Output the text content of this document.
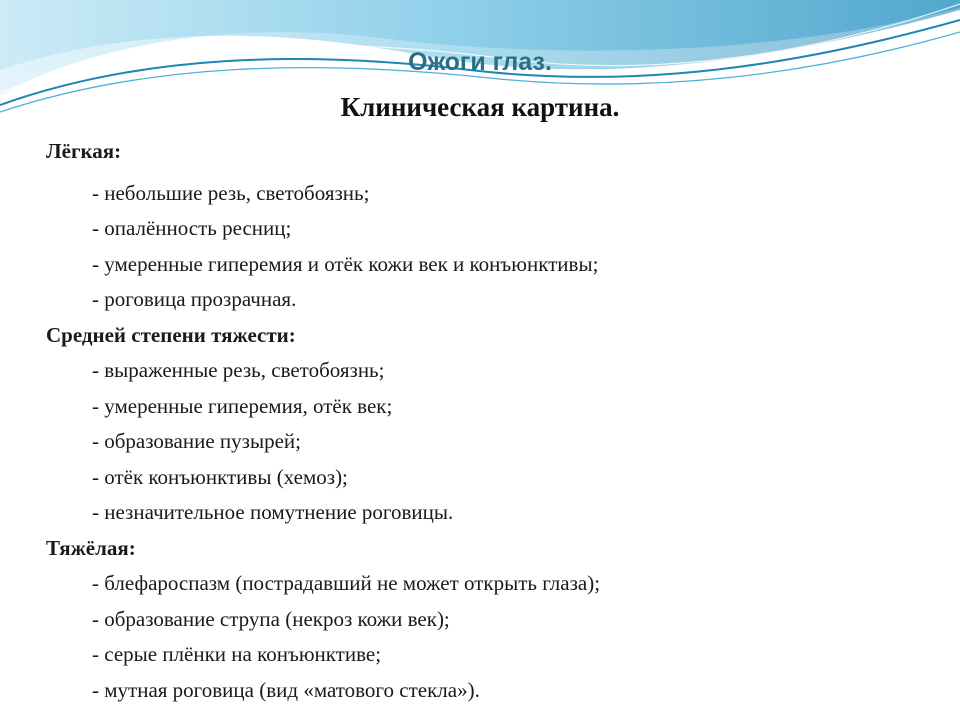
Ожоги глаз.
Клиническая картина.
Лёгкая:
- небольшие резь, светобоязнь;
- опалённость ресниц;
- умеренные гиперемия и отёк кожи век и конъюнктивы;
- роговица прозрачная.
Средней степени тяжести:
- выраженные резь, светобоязнь;
- умеренные гиперемия, отёк век;
- образование пузырей;
- отёк конъюнктивы (хемоз);
- незначительное помутнение роговицы.
Тяжёлая:
- блефароспазм (пострадавший не может открыть глаза);
- образование струпа (некроз кожи век);
- серые плёнки на конъюнктиве;
- мутная роговица (вид «матового стекла»).
